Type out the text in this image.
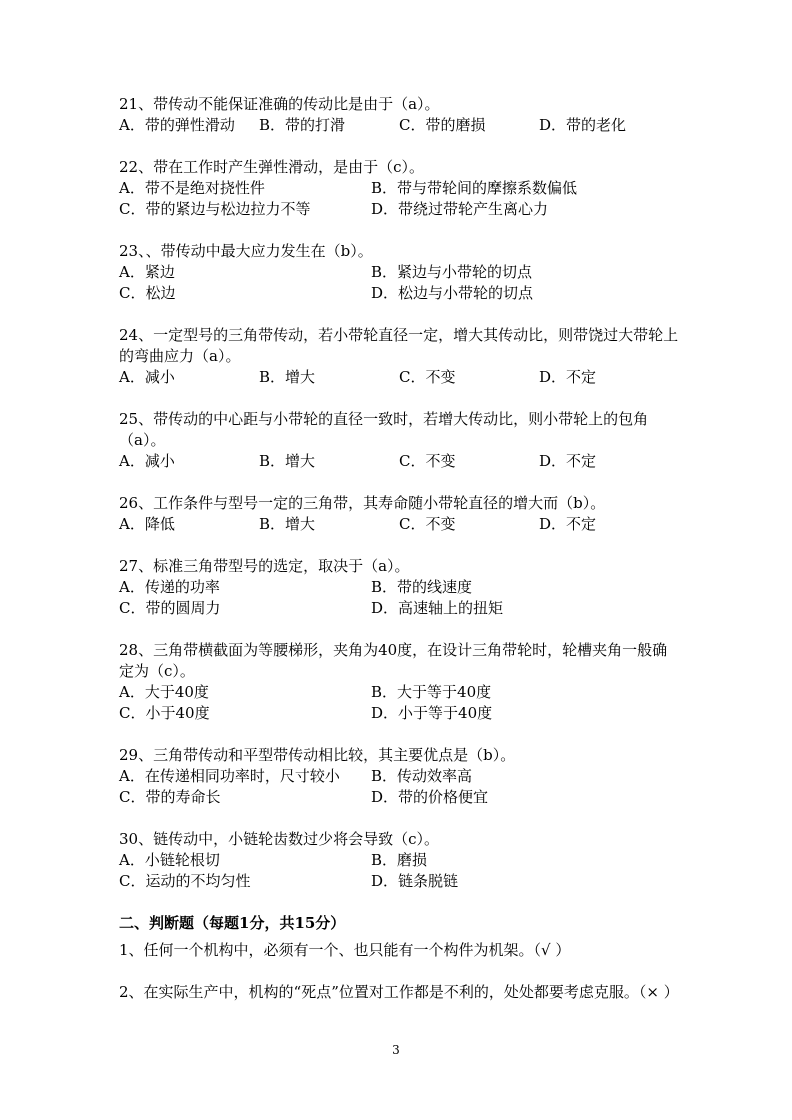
21、带传动不能保证准确的传动比是由于（a）。
A．带的弹性滑动	B．带的打滑	C．带的磨损	D．带的老化
22、带在工作时产生弹性滑动，是由于（c）。
A．带不是绝对挠性件	B．带与带轮间的摩擦系数偏低
C．带的紧边与松边拉力不等	D．带绕过带轮产生离心力
23、、带传动中最大应力发生在（b）。
A．紧边	B．紧边与小带轮的切点
C．松边	D．松边与小带轮的切点
24、一定型号的三角带传动，若小带轮直径一定，增大其传动比，则带饶过大带轮上的弯曲应力（a）。
A．减小	B．增大	C．不变	D．不定
25、带传动的中心距与小带轮的直径一致时，若增大传动比，则小带轮上的包角（a）。
A．减小	B．增大	C．不变	D．不定
26、工作条件与型号一定的三角带，其寿命随小带轮直径的增大而（b）。
A．降低	B．增大	C．不变	D．不定
27、标准三角带型号的选定，取决于（a）。
A．传递的功率	B．带的线速度
C．带的圆周力	D．高速轴上的扭矩
28、三角带横截面为等腰梯形，夹角为40度，在设计三角带轮时，轮槽夹角一般确定为（c）。
A．大于40度	B．大于等于40度
C．小于40度	D．小于等于40度
29、三角带传动和平型带传动相比较，其主要优点是（b）。
A．在传递相同功率时，尺寸较小	B．传动效率高
C．带的寿命长	D．带的价格便宜
30、链传动中，小链轮齿数过少将会导致（c）。
A．小链轮根切	B．磨损
C．运动的不均匀性	D．链条脱链
二、判断题（每题1分，共15分）
1、任何一个机构中，必须有一个、也只能有一个构件为机架。（√ ）
2、在实际生产中，机构的“死点”位置对工作都是不利的，处处都要考虑克服。（× ）
3
